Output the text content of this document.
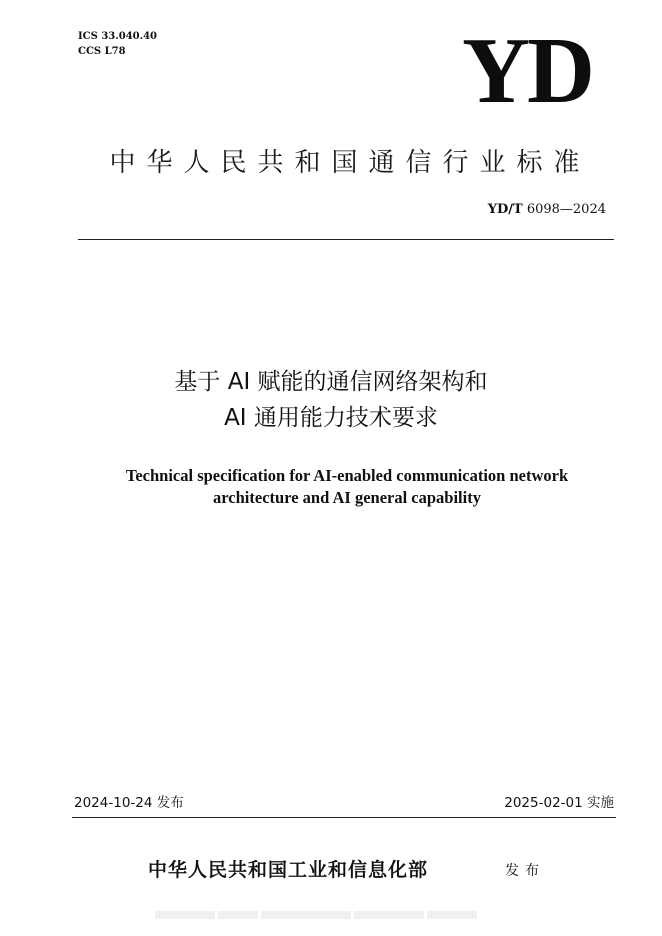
ICS 33.040.40
CCS L78	YD
中华人民共和国通信行业标准
YD/T 6098—2024
基于 AI 赋能的通信网络架构和
AI 通用能力技术要求
Technical specification for AI-enabled communication network
architecture and AI general capability
2024-10-24 发布	2025-02-01 实施
中华人民共和国工业和信息化部	发布
